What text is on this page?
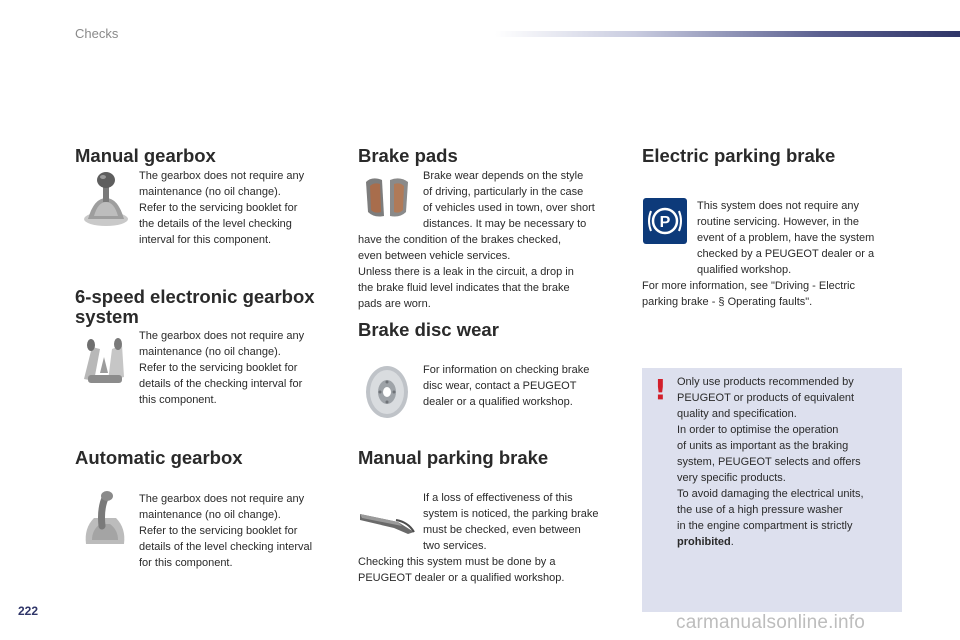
Checks
Manual gearbox

The gearbox does not require any
maintenance (no oil change).
Refer to the servicing booklet for
the details of the level checking
interval for this component.

6-speed electronic gearbox
system

The gearbox does not require any
maintenance (no oil change).
Refer to the servicing booklet for
details of the checking interval for
this component.

Automatic gearbox

The gearbox does not require any
maintenance (no oil change).
Refer to the servicing booklet for
details of the level checking interval
for this component.

Brake pads

Brake wear depends on the style
of driving, particularly in the case
of vehicles used in town, over short
distances. It may be necessary to
have the condition of the brakes checked,
even between vehicle services.
Unless there is a leak in the circuit, a drop in
the brake fluid level indicates that the brake
pads are worn.

Brake disc wear

For information on checking brake
disc wear, contact a PEUGEOT
dealer or a qualified workshop.

Manual parking brake

If a loss of effectiveness of this
system is noticed, the parking brake
must be checked, even between
two services.
Checking this system must be done by a
PEUGEOT dealer or a qualified workshop.

Electric parking brake
P

This system does not require any
routine servicing. However, in the
event of a problem, have the system
checked by a PEUGEOT dealer or a
qualified workshop.
For more information, see "Driving - Electric
parking brake - § Operating faults".

! Only use products recommended by
PEUGEOT or products of equivalent
quality and specification.
In order to optimise the operation
of units as important as the braking
system, PEUGEOT selects and offers
very specific products.
To avoid damaging the electrical units,
the use of a high pressure washer
in the engine compartment is strictly
prohibited.

222
carmanualsonline.info
